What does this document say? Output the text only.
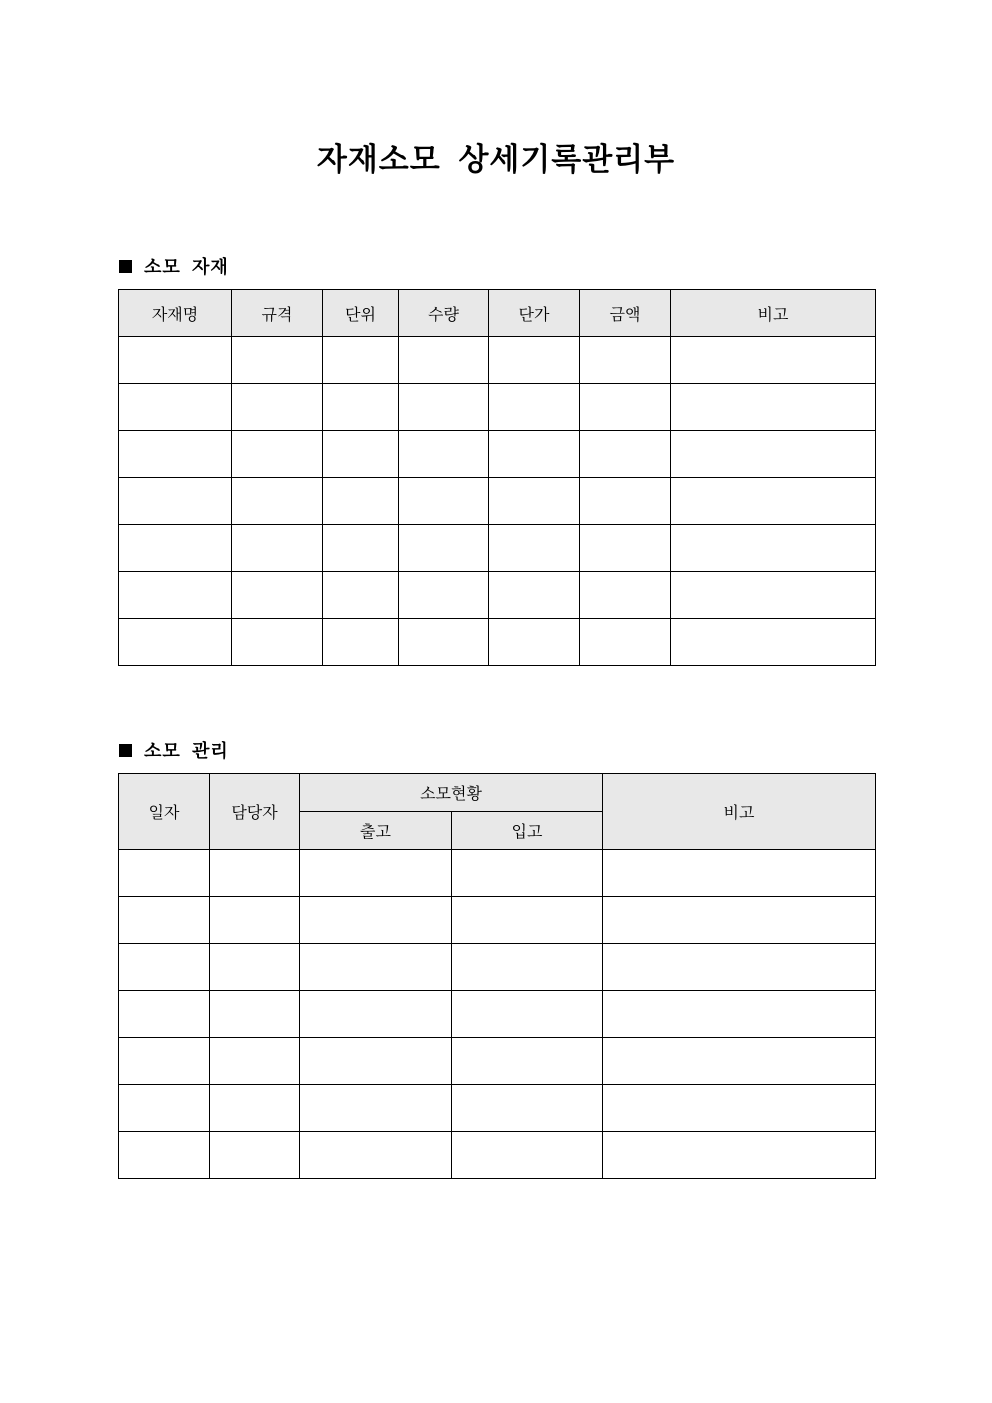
자재소모 상세기록관리부
소모 자재
자재명	규격	단위	수량	단가	금액	비고

소모 관리
일자	담당자	소모현황		비고
		출고	입고	
